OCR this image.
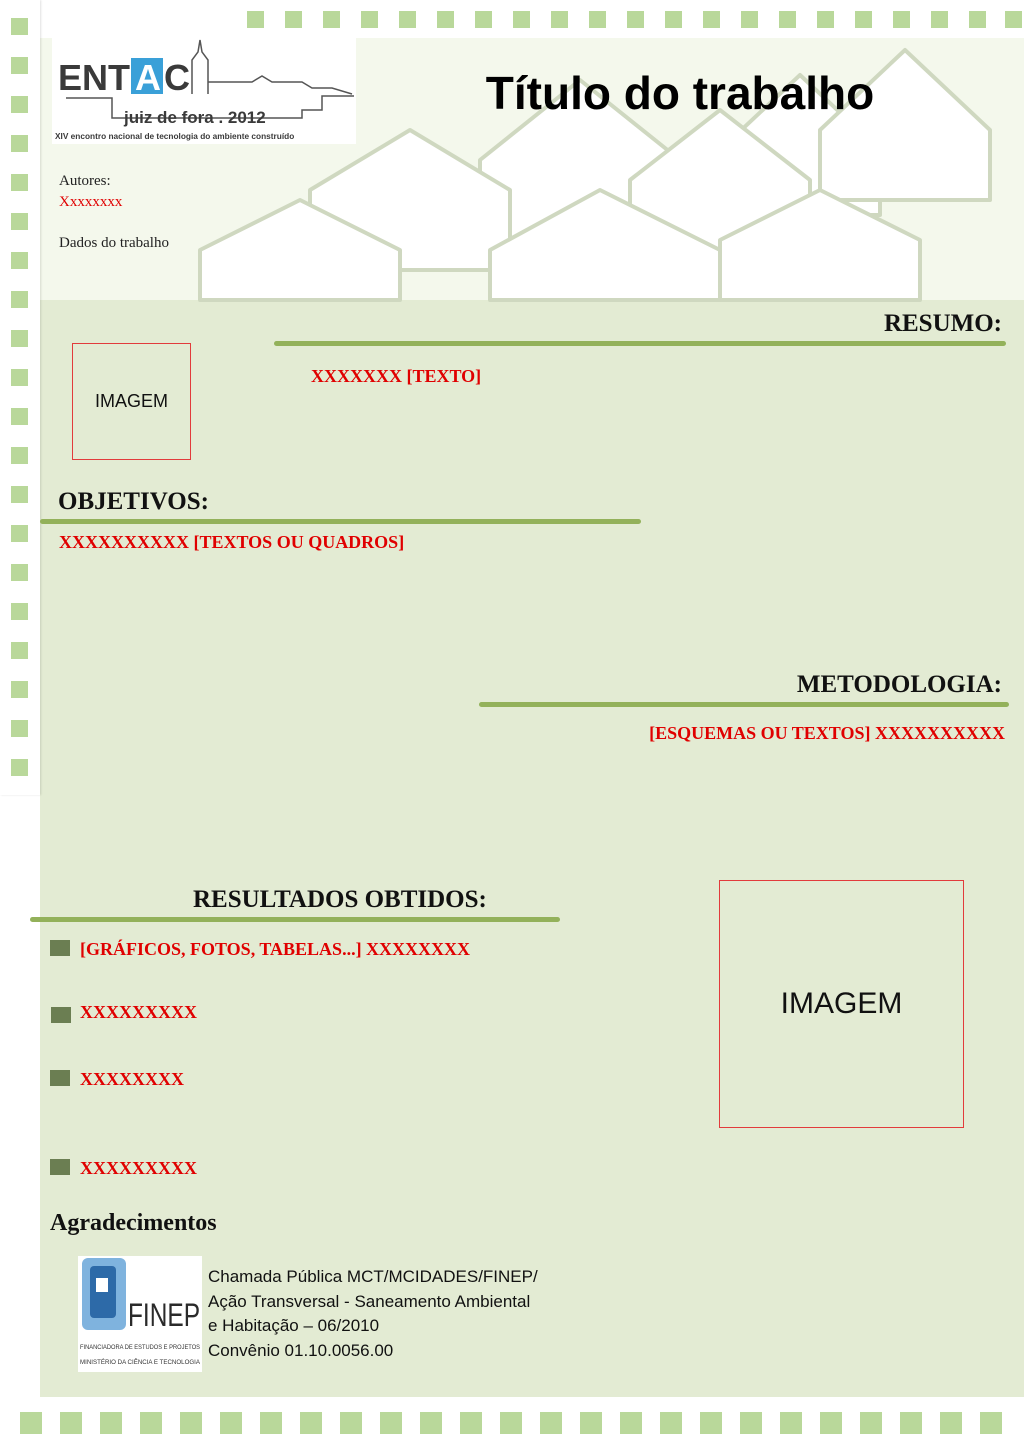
ENT A C
juiz de fora . 2012
XIV encontro nacional de tecnologia do ambiente construído
Título do trabalho
Autores:
Xxxxxxxx
Dados do trabalho
RESUMO:
IMAGEM
XXXXXXX [TEXTO]
OBJETIVOS:
XXXXXXXXXX [TEXTOS OU QUADROS]
METODOLOGIA:
[ESQUEMAS OU TEXTOS] XXXXXXXXXX
RESULTADOS OBTIDOS:
[GRÁFICOS, FOTOS, TABELAS...] XXXXXXXX
XXXXXXXXX
XXXXXXXX
XXXXXXXXX
IMAGEM
Agradecimentos
FINEP
FINANCIADORA DE ESTUDOS E PROJETOS
MINISTÉRIO DA CIÊNCIA E TECNOLOGIA
Chamada Pública MCT/MCIDADES/FINEP/
Ação Transversal - Saneamento Ambiental
e Habitação – 06/2010
Convênio 01.10.0056.00
